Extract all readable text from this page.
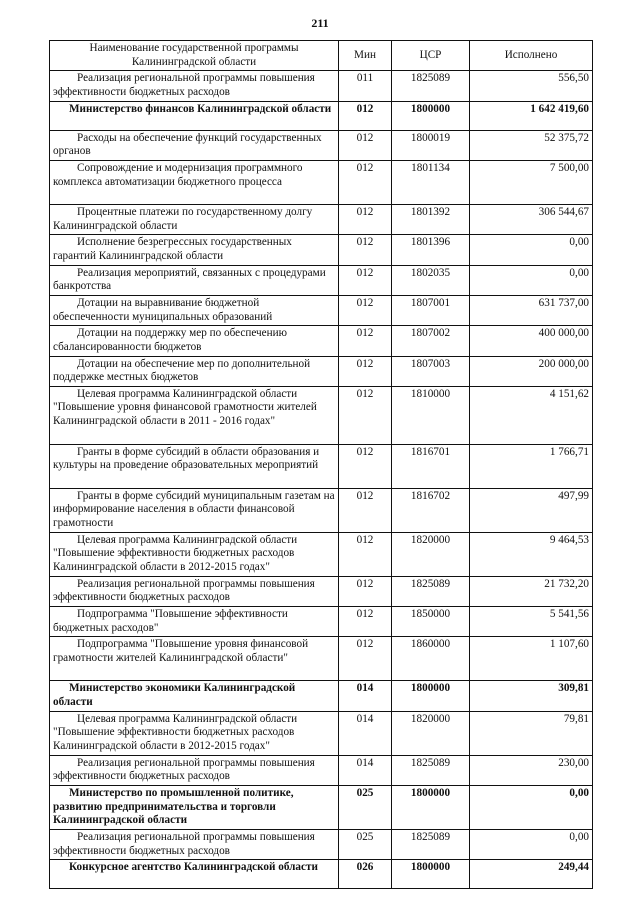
211
Наименование государственной программы Калининградской области	Мин	ЦСР	Исполнено
Реализация региональной программы повышения эффективности бюджетных расходов	011	1825089	556,50
Министерство финансов Калининградской области	012	1800000	1 642 419,60
Расходы на обеспечение функций государственных органов	012	1800019	52 375,72
Сопровождение и модернизация программного комплекса автоматизации бюджетного процесса	012	1801134	7 500,00
Процентные платежи по государственному долгу Калининградской области	012	1801392	306 544,67
Исполнение безрегрессных государственных гарантий Калининградской области	012	1801396	0,00
Реализация мероприятий, связанных с процедурами банкротства	012	1802035	0,00
Дотации на выравнивание бюджетной обеспеченности муниципальных образований	012	1807001	631 737,00
Дотации на поддержку мер по обеспечению сбалансированности бюджетов	012	1807002	400 000,00
Дотации на обеспечение мер по дополнительной поддержке местных бюджетов	012	1807003	200 000,00
Целевая программа Калининградской области "Повышение уровня финансовой грамотности жителей Калининградской области в 2011 - 2016 годах"	012	1810000	4 151,62
Гранты в форме субсидий в области образования и культуры на проведение образовательных мероприятий	012	1816701	1 766,71
Гранты в форме субсидий муниципальным газетам на информирование населения в области финансовой грамотности	012	1816702	497,99
Целевая программа Калининградской области "Повышение эффективности бюджетных расходов Калининградской области в 2012-2015 годах"	012	1820000	9 464,53
Реализация региональной программы повышения эффективности бюджетных расходов	012	1825089	21 732,20
Подпрограмма "Повышение эффективности бюджетных расходов"	012	1850000	5 541,56
Подпрограмма "Повышение уровня финансовой грамотности жителей Калининградской области"	012	1860000	1 107,60
Министерство экономики Калининградской области	014	1800000	309,81
Целевая программа Калининградской области "Повышение эффективности бюджетных расходов Калининградской области в 2012-2015 годах"	014	1820000	79,81
Реализация региональной программы повышения эффективности бюджетных расходов	014	1825089	230,00
Министерство по промышленной политике, развитию предпринимательства и торговли Калининградской области	025	1800000	0,00
Реализация региональной программы повышения эффективности бюджетных расходов	025	1825089	0,00
Конкурсное агентство Калининградской области	026	1800000	249,44
